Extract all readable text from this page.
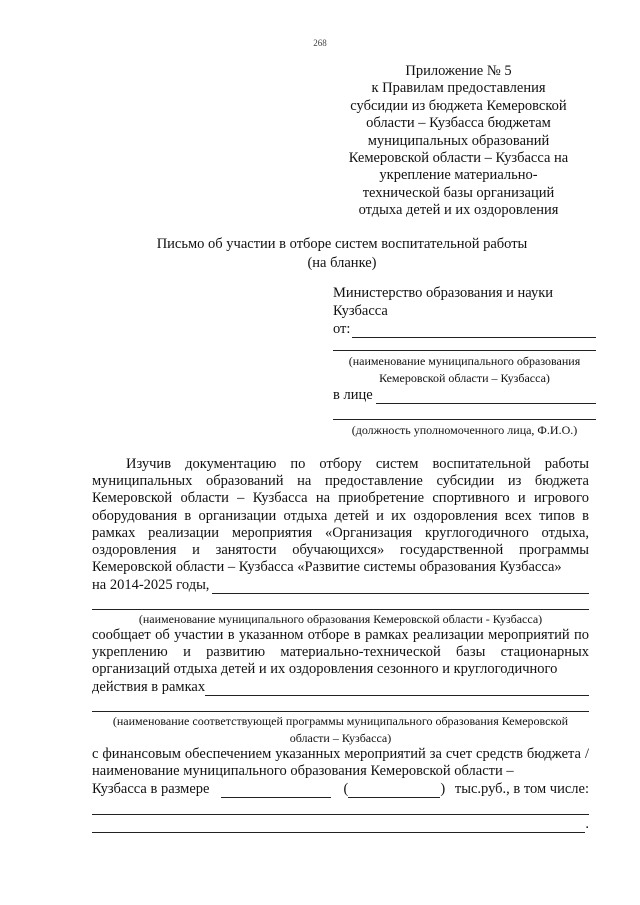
268
Приложение № 5
к Правилам предоставления
субсидии из бюджета Кемеровской
области – Кузбасса бюджетам
муниципальных образований
Кемеровской области – Кузбасса на
укрепление материально-
технической базы организаций
отдыха детей и их оздоровления
Письмо об участии в отборе систем воспитательной работы
(на бланке)
Министерство образования и науки
Кузбасса
от:
(наименование муниципального образования
Кемеровской области – Кузбасса)
в лице
(должность уполномоченного лица, Ф.И.О.)
Изучив документацию по отбору систем воспитательной работы муниципальных образований на предоставление субсидии из бюджета Кемеровской области – Кузбасса на приобретение спортивного и игрового оборудования в организации отдыха детей и их оздоровления всех типов в рамках реализации мероприятия «Организация круглогодичного отдыха, оздоровления и занятости обучающихся» государственной программы Кемеровской области – Кузбасса «Развитие системы образования Кузбасса»
на 2014-2025 годы,
(наименование муниципального образования Кемеровской области - Кузбасса)
сообщает об участии в указанном отборе в рамках реализации мероприятий по укреплению и развитию материально-технической базы стационарных организаций отдыха детей и их оздоровления сезонного и круглогодичного
действия в рамках
(наименование соответствующей программы муниципального образования Кемеровской
области – Кузбасса)
с финансовым обеспечением указанных мероприятий за счет средств бюджета / наименование муниципального образования Кемеровской области –
Кузбасса в размере	(	) тыс.руб., в том числе:
.
